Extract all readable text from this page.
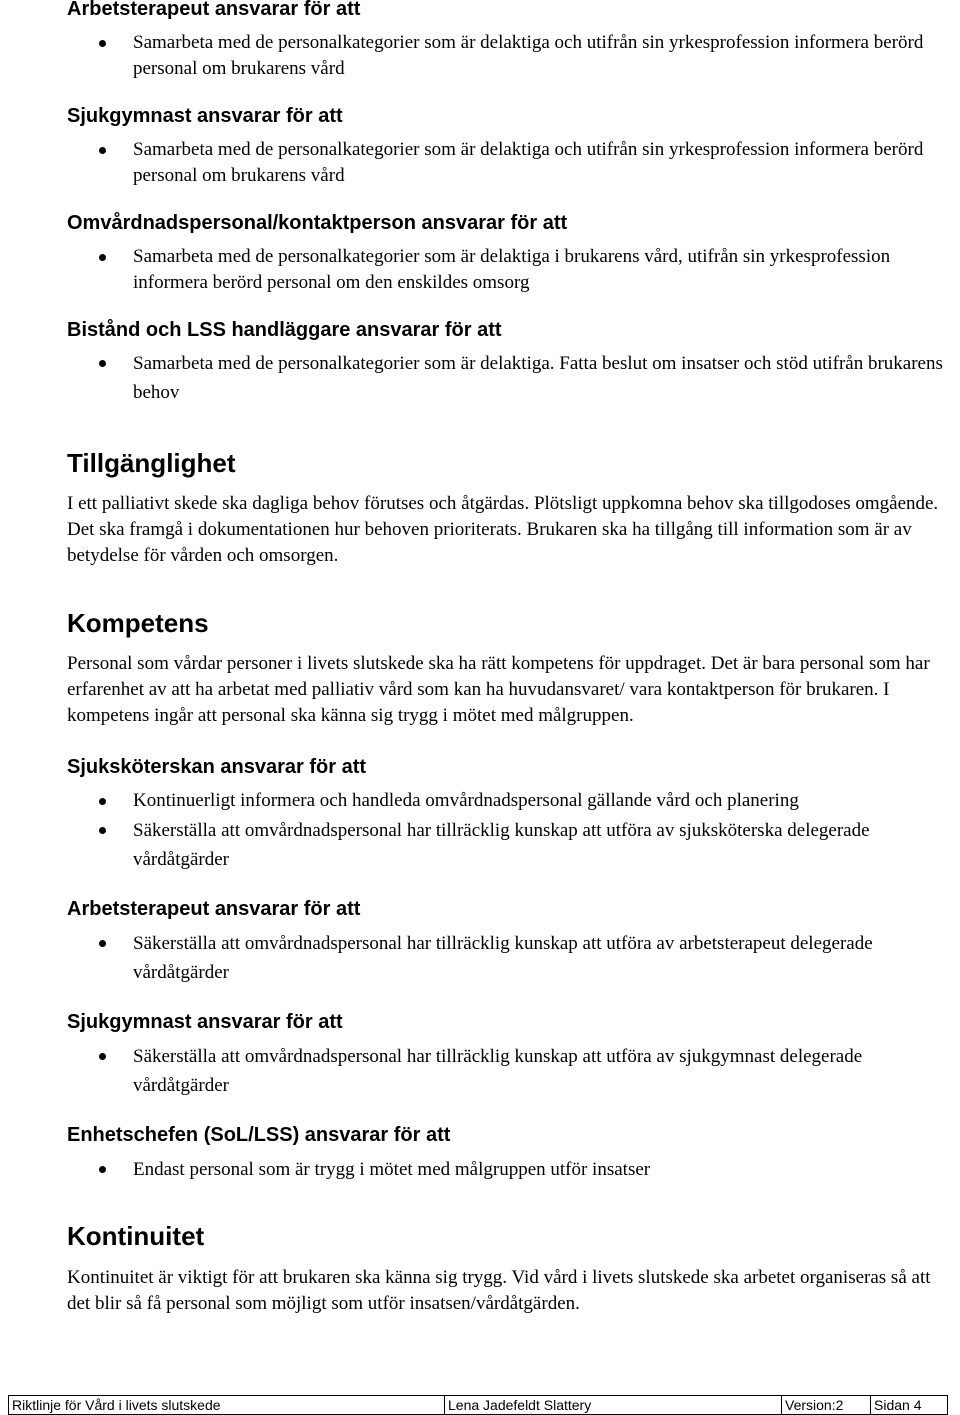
Arbetsterapeut ansvarar för att
Samarbeta med de personalkategorier som är delaktiga och utifrån sin yrkesprofession informera berörd personal om brukarens vård
Sjukgymnast ansvarar för att
Samarbeta med de personalkategorier som är delaktiga och utifrån sin yrkesprofession informera berörd personal om brukarens vård
Omvårdnadspersonal/kontaktperson ansvarar för att
Samarbeta med de personalkategorier som är delaktiga i brukarens vård, utifrån sin yrkesprofession informera berörd personal om den enskildes omsorg
Bistånd och LSS handläggare ansvarar för att
Samarbeta med de personalkategorier som är delaktiga. Fatta beslut om insatser och stöd utifrån brukarens behov
Tillgänglighet

I ett palliativt skede ska dagliga behov förutses och åtgärdas. Plötsligt uppkomna behov ska tillgodoses omgående. Det ska framgå i dokumentationen hur behoven prioriterats. Brukaren ska ha tillgång till information som är av betydelse för vården och omsorgen.

Kompetens

Personal som vårdar personer i livets slutskede ska ha rätt kompetens för uppdraget. Det är bara personal som har erfarenhet av att ha arbetat med palliativ vård som kan ha huvudansvaret/ vara kontaktperson för brukaren. I kompetens ingår att personal ska känna sig trygg i mötet med målgruppen.

Sjuksköterskan ansvarar för att
Kontinuerligt informera och handleda omvårdnadspersonal gällande vård och planering
Säkerställa att omvårdnadspersonal har tillräcklig kunskap att utföra av sjuksköterska delegerade vårdåtgärder
Arbetsterapeut ansvarar för att
Säkerställa att omvårdnadspersonal har tillräcklig kunskap att utföra av arbetsterapeut delegerade vårdåtgärder
Sjukgymnast ansvarar för att
Säkerställa att omvårdnadspersonal har tillräcklig kunskap att utföra av sjukgymnast delegerade vårdåtgärder
Enhetschefen (SoL/LSS) ansvarar för att
Endast personal som är trygg i mötet med målgruppen utför insatser
Kontinuitet

Kontinuitet är viktigt för att brukaren ska känna sig trygg. Vid vård i livets slutskede ska arbetet organiseras så att det blir så få personal som möjligt som utför insatsen/vårdåtgärden.

Riktlinje för Vård i livets slutskede	Lena Jadefeldt Slattery	Version:2	Sidan 4
